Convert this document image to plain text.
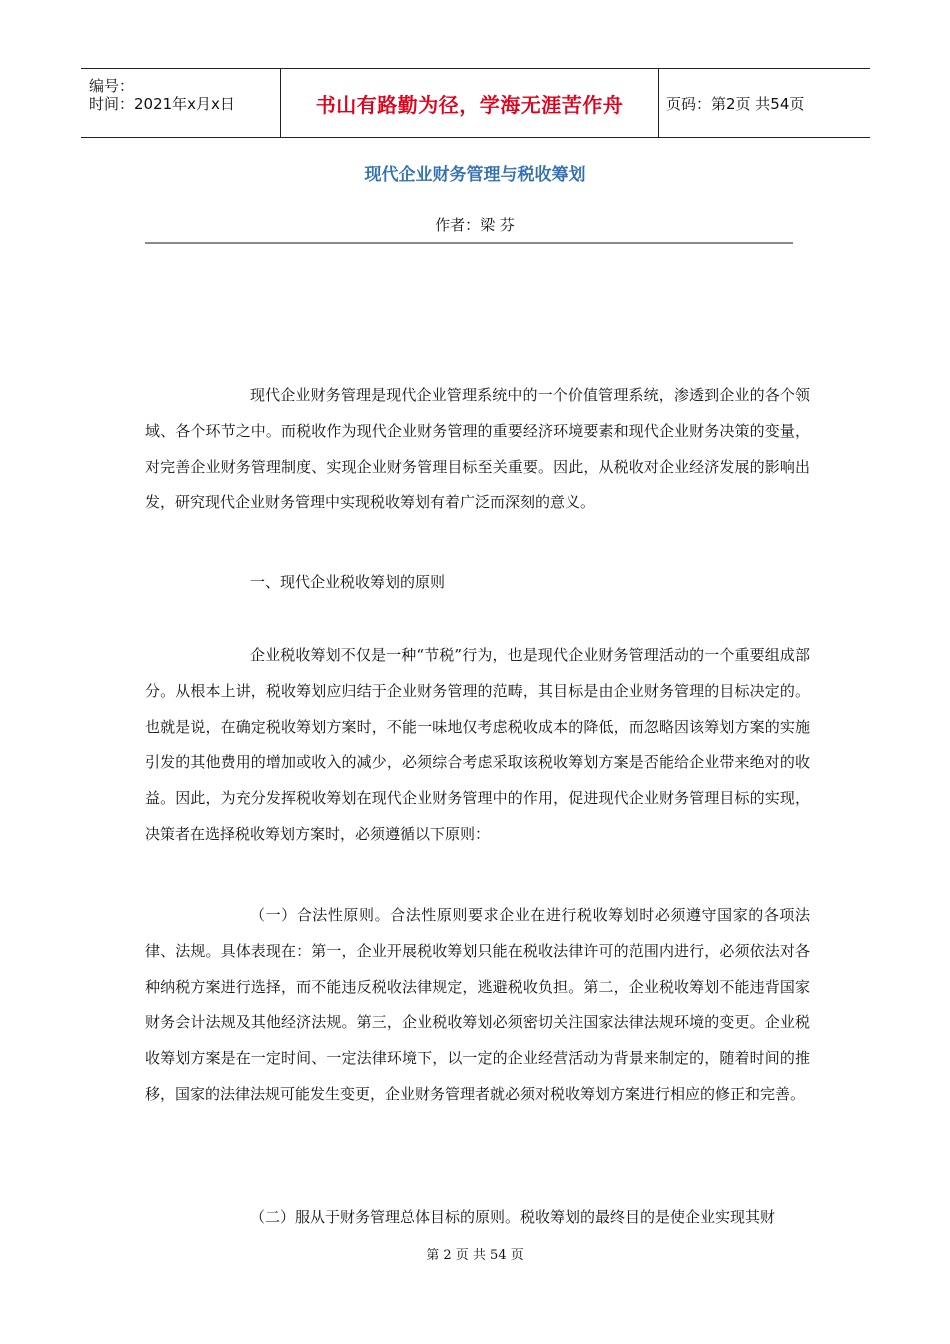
编号：
时间：2021年x月x日	书山有路勤为径，学海无涯苦作舟	页码：第2页 共54页
现代企业财务管理与税收筹划
作者：梁 芬

现代企业财务管理是现代企业管理系统中的一个价值管理系统，渗透到企业的各个领域、各个环节之中。而税收作为现代企业财务管理的重要经济环境要素和现代企业财务决策的变量，对完善企业财务管理制度、实现企业财务管理目标至关重要。因此，从税收对企业经济发展的影响出发，研究现代企业财务管理中实现税收筹划有着广泛而深刻的意义。

一、现代企业税收筹划的原则

企业税收筹划不仅是一种“节税”行为，也是现代企业财务管理活动的一个重要组成部分。从根本上讲，税收筹划应归结于企业财务管理的范畴，其目标是由企业财务管理的目标决定的。也就是说，在确定税收筹划方案时，不能一味地仅考虑税收成本的降低，而忽略因该筹划方案的实施引发的其他费用的增加或收入的减少，必须综合考虑采取该税收筹划方案是否能给企业带来绝对的收益。因此，为充分发挥税收筹划在现代企业财务管理中的作用，促进现代企业财务管理目标的实现，决策者在选择税收筹划方案时，必须遵循以下原则：

（一）合法性原则。合法性原则要求企业在进行税收筹划时必须遵守国家的各项法律、法规。具体表现在：第一，企业开展税收筹划只能在税收法律许可的范围内进行，必须依法对各种纳税方案进行选择，而不能违反税收法律规定，逃避税收负担。第二，企业税收筹划不能违背国家财务会计法规及其他经济法规。第三，企业税收筹划必须密切关注国家法律法规环境的变更。企业税收筹划方案是在一定时间、一定法律环境下，以一定的企业经营活动为背景来制定的，随着时间的推移，国家的法律法规可能发生变更，企业财务管理者就必须对税收筹划方案进行相应的修正和完善。

（二）服从于财务管理总体目标的原则。税收筹划的最终目的是使企业实现其财

第 2 页 共 54 页
